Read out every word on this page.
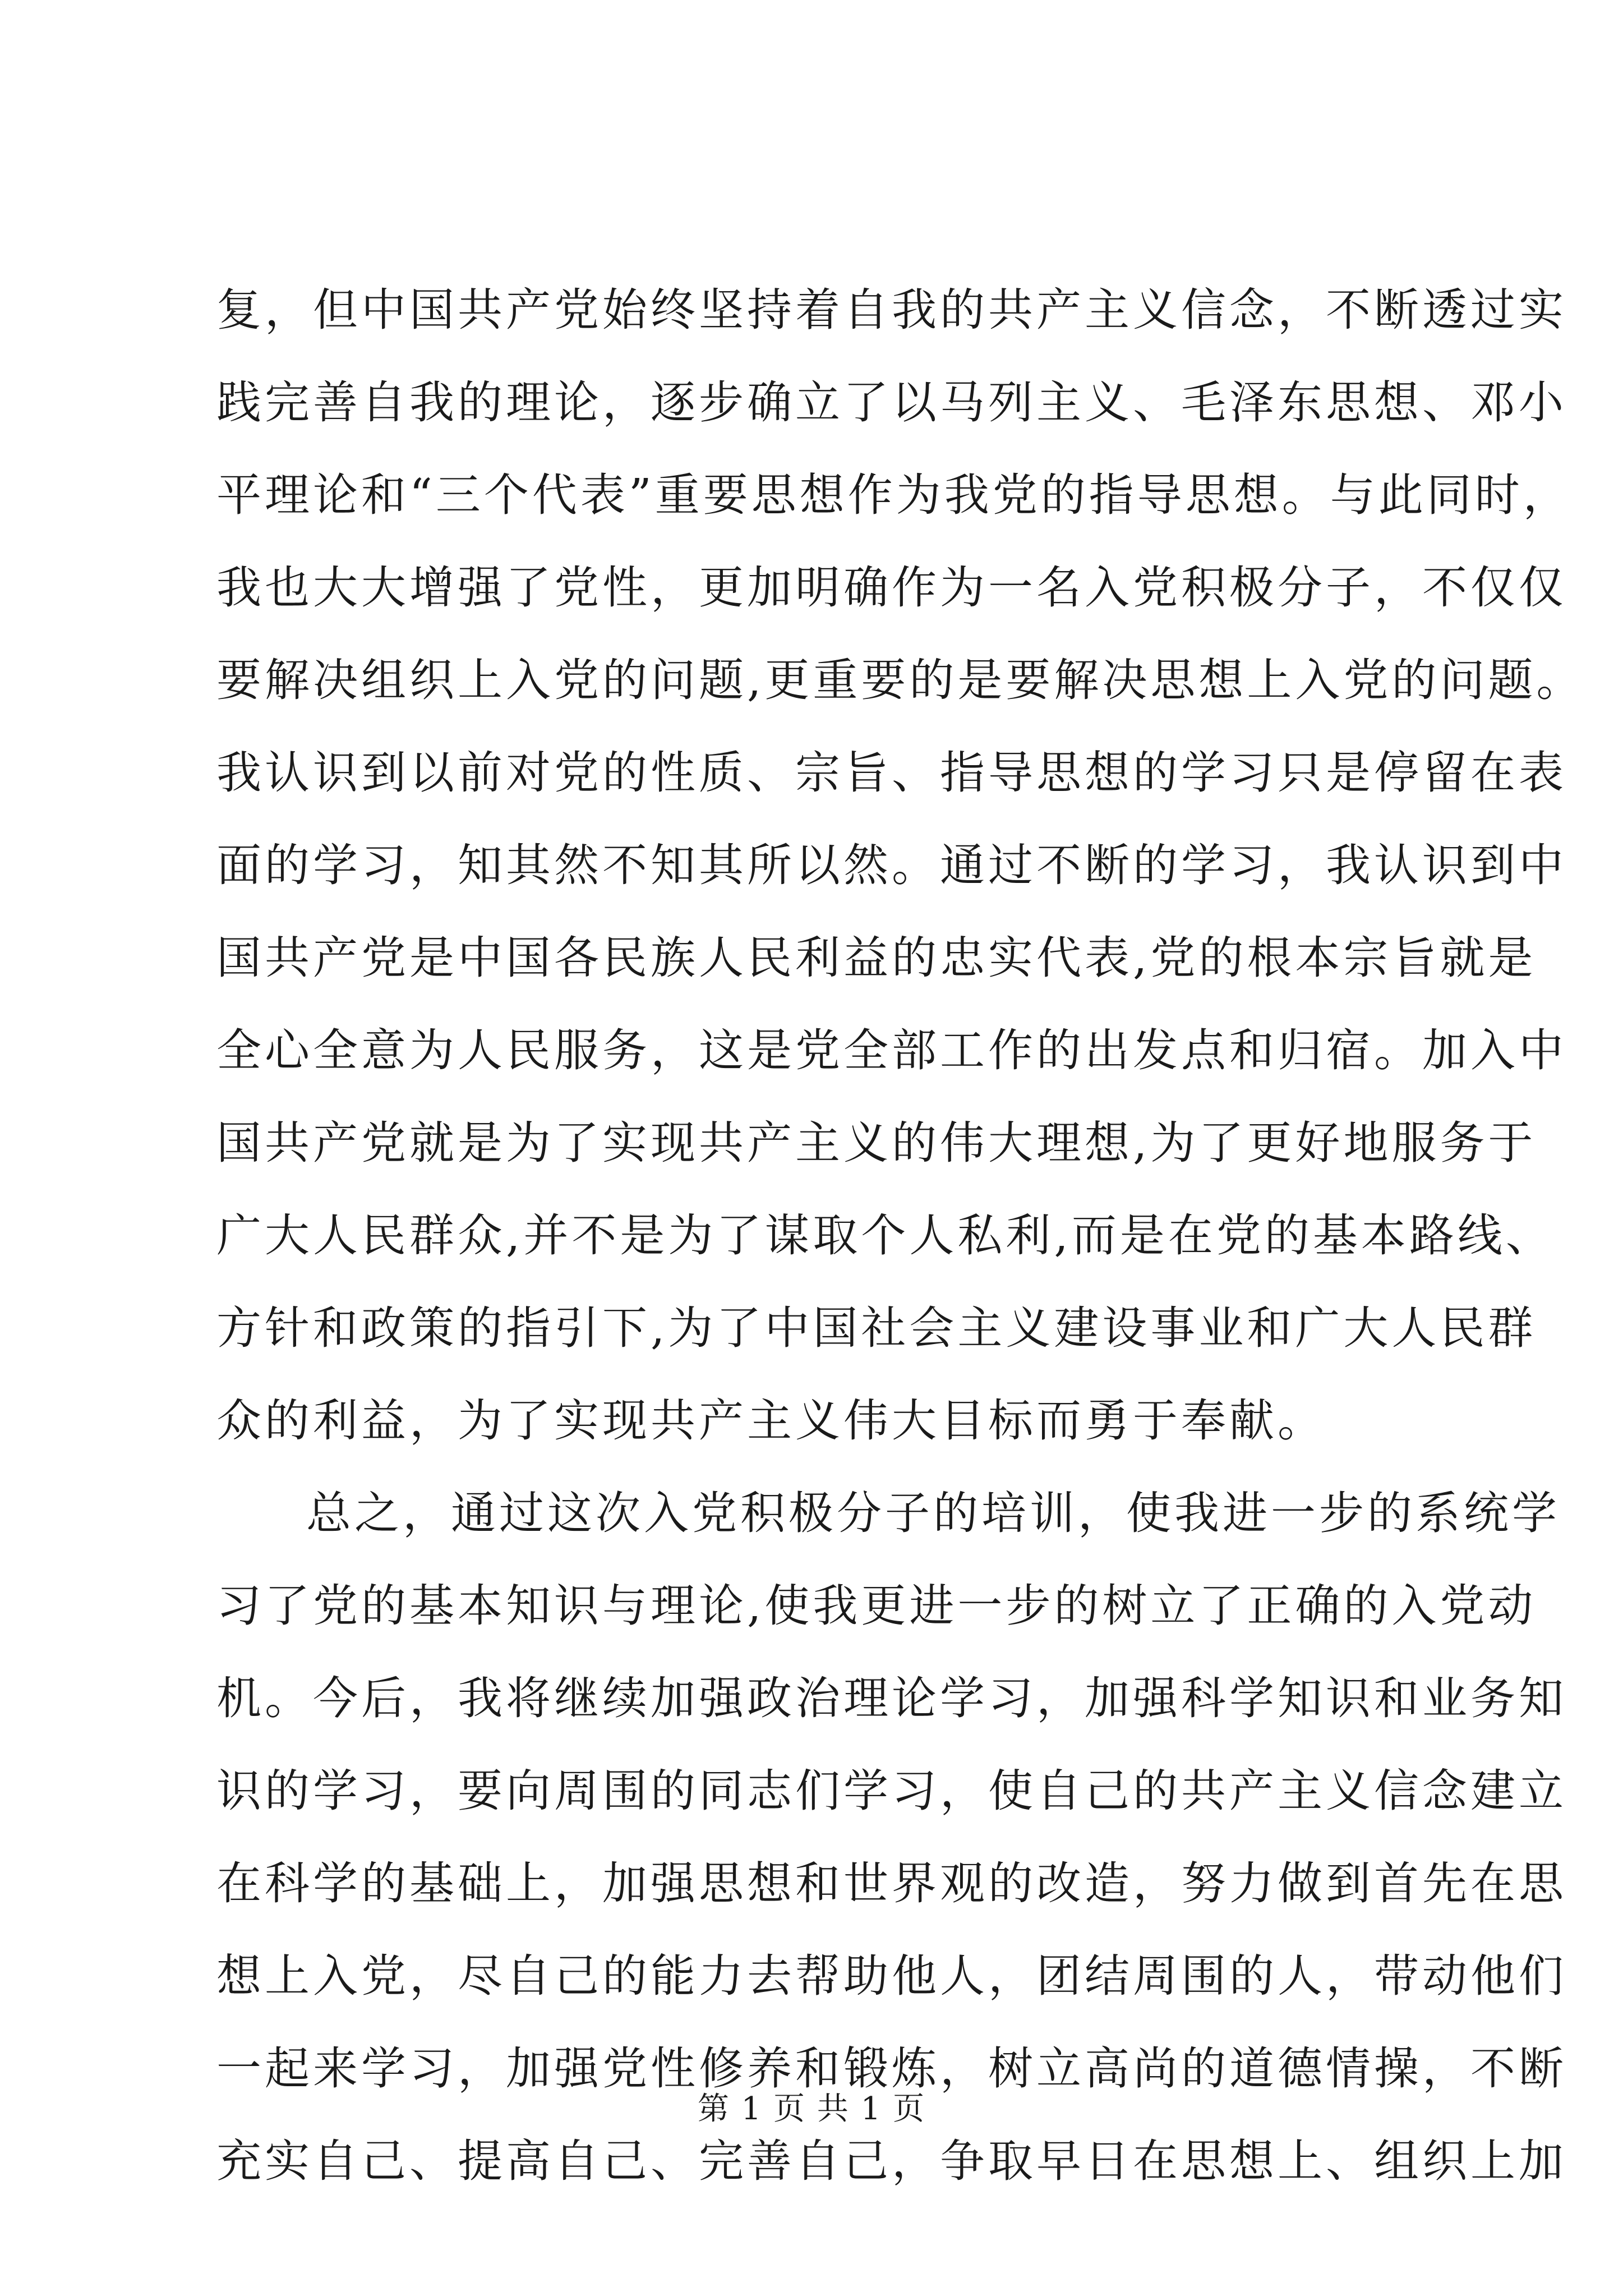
复，但中国共产党始终坚持着自我的共产主义信念，不断透过实
践完善自我的理论，逐步确立了以马列主义、毛泽东思想、邓小
平理论和“三个代表”重要思想作为我党的指导思想。与此同时，
我也大大增强了党性，更加明确作为一名入党积极分子，不仅仅
要解决组织上入党的问题,更重要的是要解决思想上入党的问题。
我认识到以前对党的性质、宗旨、指导思想的学习只是停留在表
面的学习，知其然不知其所以然。通过不断的学习，我认识到中
国共产党是中国各民族人民利益的忠实代表,党的根本宗旨就是
全心全意为人民服务，这是党全部工作的出发点和归宿。加入中
国共产党就是为了实现共产主义的伟大理想,为了更好地服务于
广大人民群众,并不是为了谋取个人私利,而是在党的基本路线、
方针和政策的指引下,为了中国社会主义建设事业和广大人民群
众的利益，为了实现共产主义伟大目标而勇于奉献。
总之，通过这次入党积极分子的培训，使我进一步的系统学
习了党的基本知识与理论,使我更进一步的树立了正确的入党动
机。今后，我将继续加强政治理论学习，加强科学知识和业务知
识的学习，要向周围的同志们学习，使自己的共产主义信念建立
在科学的基础上，加强思想和世界观的改造，努力做到首先在思
想上入党，尽自己的能力去帮助他人，团结周围的人，带动他们
一起来学习，加强党性修养和锻炼，树立高尚的道德情操，不断
充实自己、提高自己、完善自己，争取早日在思想上、组织上加
第 1 页 共 1 页
